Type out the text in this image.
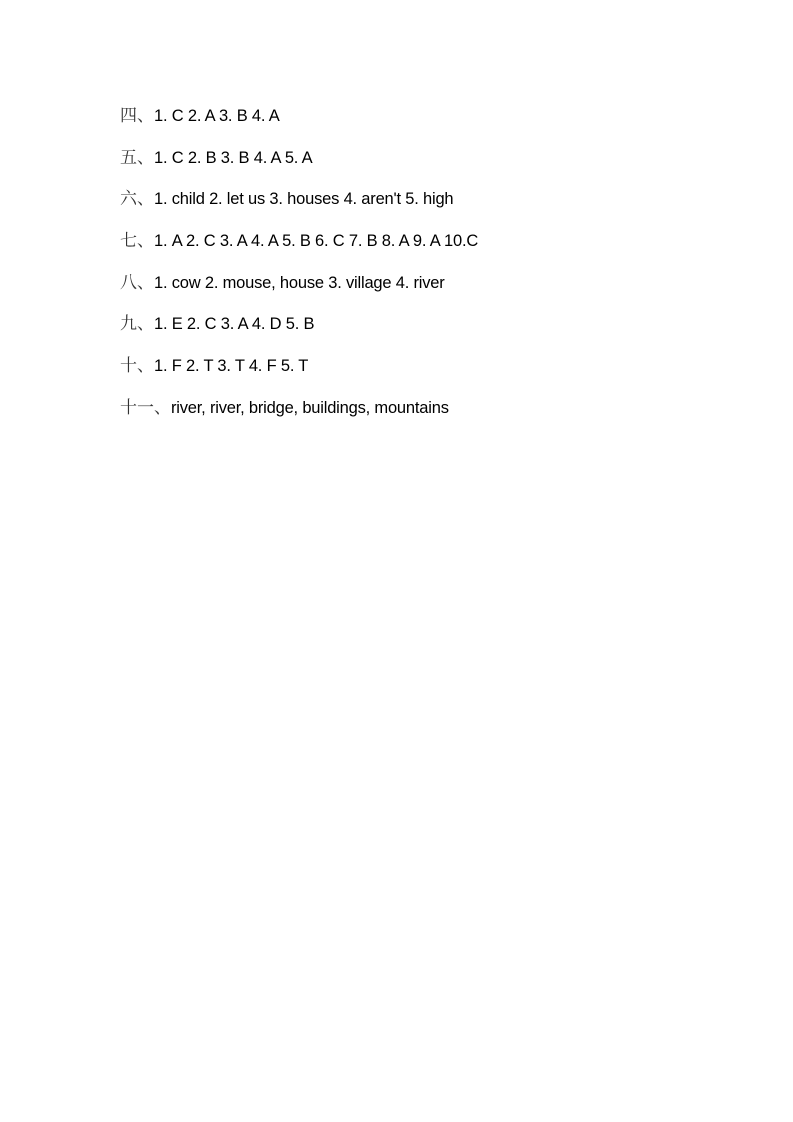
四、1. C 2. A 3. B 4. A
五、1. C 2. B 3. B 4. A 5. A
六、1. child 2. let us 3. houses 4. aren't 5. high
七、1. A 2. C 3. A 4. A 5. B 6. C 7. B 8. A 9. A 10.C
八、1. cow 2. mouse, house 3. village 4. river
九、1. E 2. C 3. A 4. D 5. B
十、1. F 2. T 3. T 4. F 5. T
十一、river, river, bridge, buildings, mountains
